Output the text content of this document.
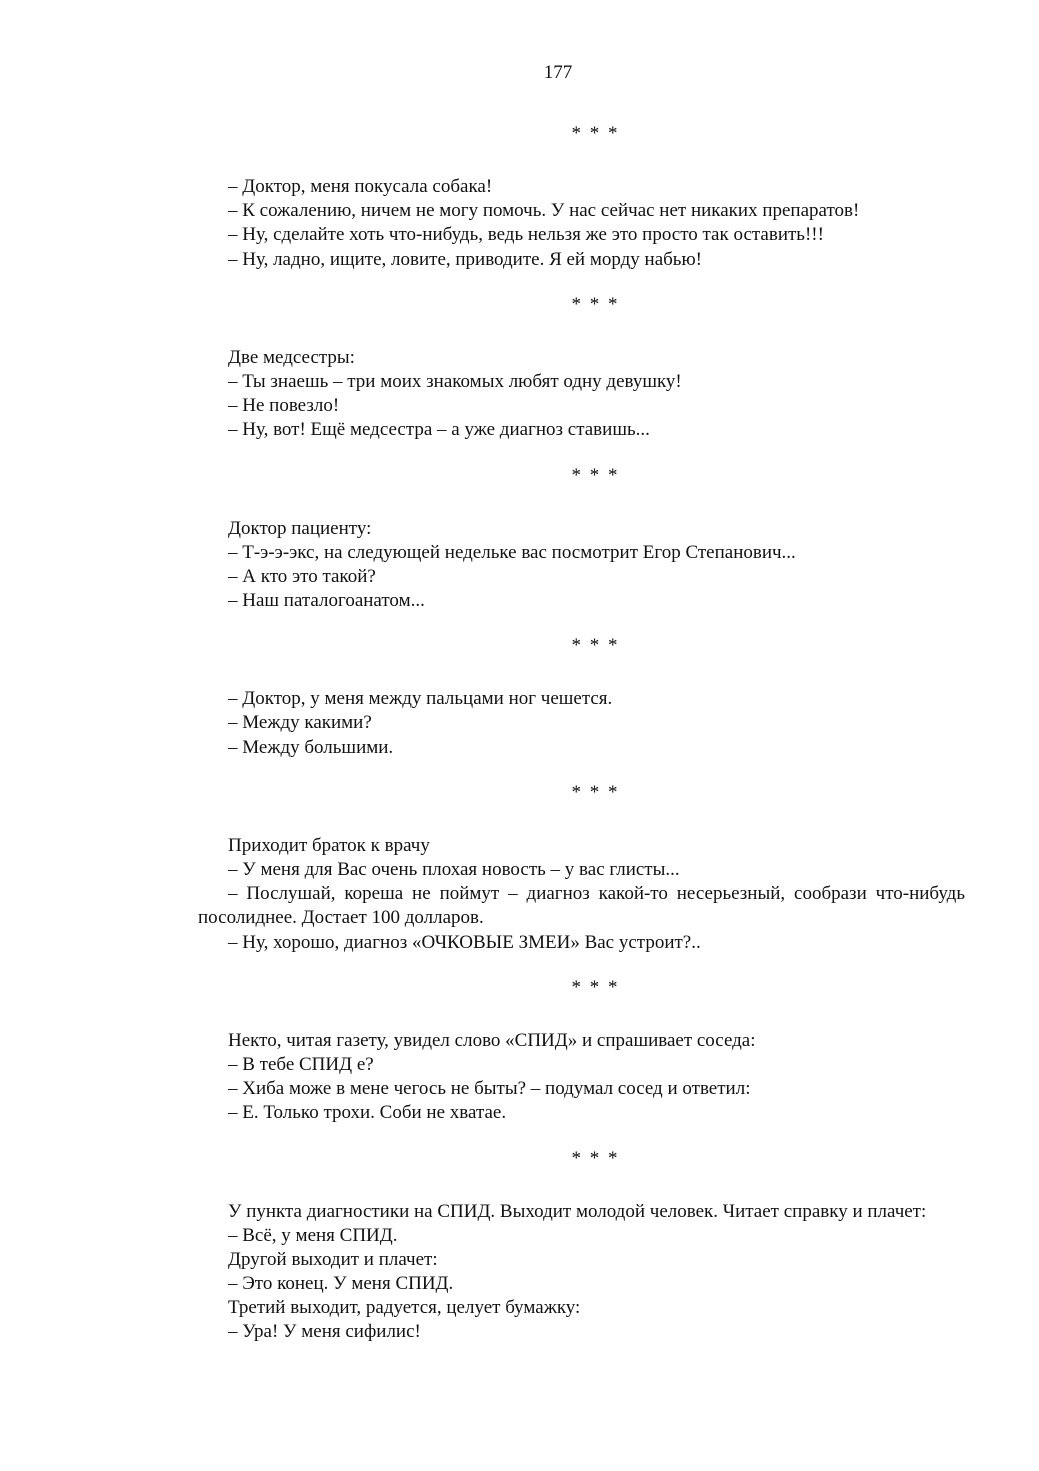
177
* * *
– Доктор, меня покусала собака!
– К сожалению, ничем не могу помочь. У нас сейчас нет никаких препаратов!
– Ну, сделайте хоть что-нибудь, ведь нельзя же это просто так оставить!!!
– Ну, ладно, ищите, ловите, приводите. Я ей морду набью!
* * *
Две медсестры:
– Ты знаешь – три моих знакомых любят одну девушку!
– Не повезло!
– Ну, вот! Ещё медсестра – а уже диагноз ставишь...
* * *
Доктор пациенту:
– Т-э-э-экс, на следующей недельке вас посмотрит Егор Степанович...
– А кто это такой?
– Наш паталогоанатом...
* * *
– Доктор, у меня между пальцами ног чешется.
– Между какими?
– Между большими.
* * *
Приходит браток к врачу
– У меня для Вас очень плохая новость – у вас глисты...
– Послушай, кореша не поймут – диагноз какой-то несерьезный, сообрази что-нибудь посолиднее. Достает 100 долларов.
– Ну, хорошо, диагноз «ОЧКОВЫЕ ЗМЕИ» Вас устроит?..
* * *
Некто, читая газету, увидел слово «СПИД» и спрашивает соседа:
– В тебе СПИД е?
– Хиба може в мене чегось не быты? – подумал сосед и ответил:
– Е. Только трохи. Соби не хватае.
* * *
У пункта диагностики на СПИД. Выходит молодой человек. Читает справку и плачет:
– Всё, у меня СПИД.
Другой выходит и плачет:
– Это конец. У меня СПИД.
Третий выходит, радуется, целует бумажку:
– Ура! У меня сифилис!
